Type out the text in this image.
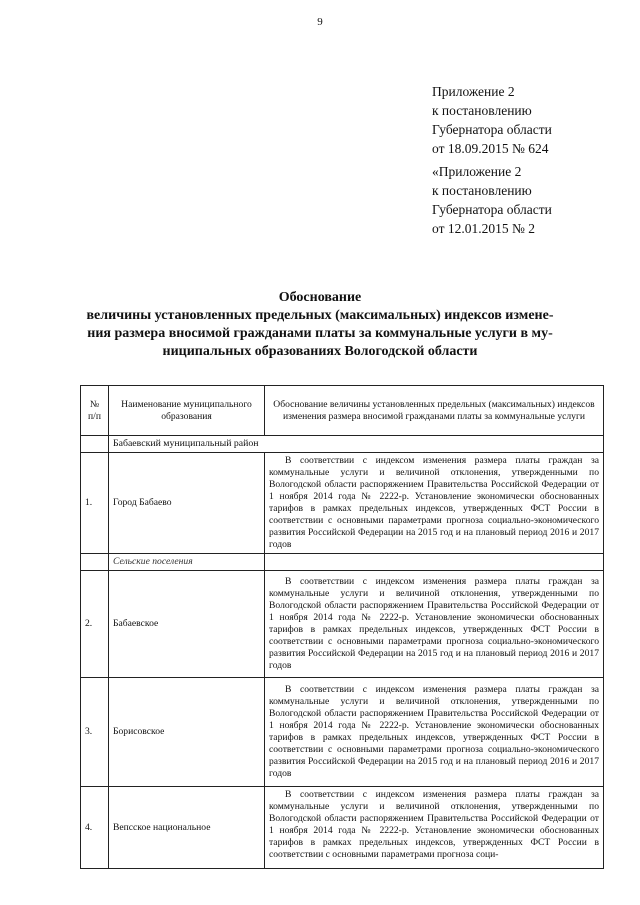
9
Приложение 2
к постановлению
Губернатора области
от 18.09.2015 № 624
«Приложение 2
к постановлению
Губернатора области
от 12.01.2015 № 2
Обоснование
величины установленных предельных (максимальных) индексов измене-
ния размера вносимой гражданами платы за коммунальные услуги в му-
ниципальных образованиях Вологодской области
№ п/п	Наименование муниципального образования	Обоснование величины установленных предельных (максимальных) индексов изменения размера вносимой гражданами платы за коммунальные услуги
	Бабаевский муниципальный район	
1.	Город Бабаево	В соответствии с индексом изменения размера платы граждан за коммунальные услуги и величиной отклонения, утвержденными по Вологодской области распоряжением Правительства Российской Федерации от 1 ноября 2014 года № 2222-р. Установление экономически обоснованных тарифов в рамках предельных индексов, утвержденных ФСТ России в соответствии с основными параметрами прогноза социально-экономического развития Российской Федерации на 2015 год и на плановый период 2016 и 2017 годов

	Сельские поселения	
2.	Бабаевское	В соответствии с индексом изменения размера платы граждан за коммунальные услуги и величиной отклонения, утвержденными по Вологодской области распоряжением Правительства Российской Федерации от 1 ноября 2014 года № 2222-р. Установление экономически обоснованных тарифов в рамках предельных индексов, утвержденных ФСТ России в соответствии с основными параметрами прогноза социально-экономического развития Российской Федерации на 2015 год и на плановый период 2016 и 2017 годов

3.	Борисовское	В соответствии с индексом изменения размера платы граждан за коммунальные услуги и величиной отклонения, утвержденными по Вологодской области распоряжением Правительства Российской Федерации от 1 ноября 2014 года № 2222-р. Установление экономически обоснованных тарифов в рамках предельных индексов, утвержденных ФСТ России в соответствии с основными параметрами прогноза социально-экономического развития Российской Федерации на 2015 год и на плановый период 2016 и 2017 годов

4.	Вепсское национальное	В соответствии с индексом изменения размера платы граждан за коммунальные услуги и величиной отклонения, утвержденными по Вологодской области распоряжением Правительства Российской Федерации от 1 ноября 2014 года № 2222-р. Установление экономически обоснованных тарифов в рамках предельных индексов, утвержденных ФСТ России в соответствии с основными параметрами прогноза соци-
